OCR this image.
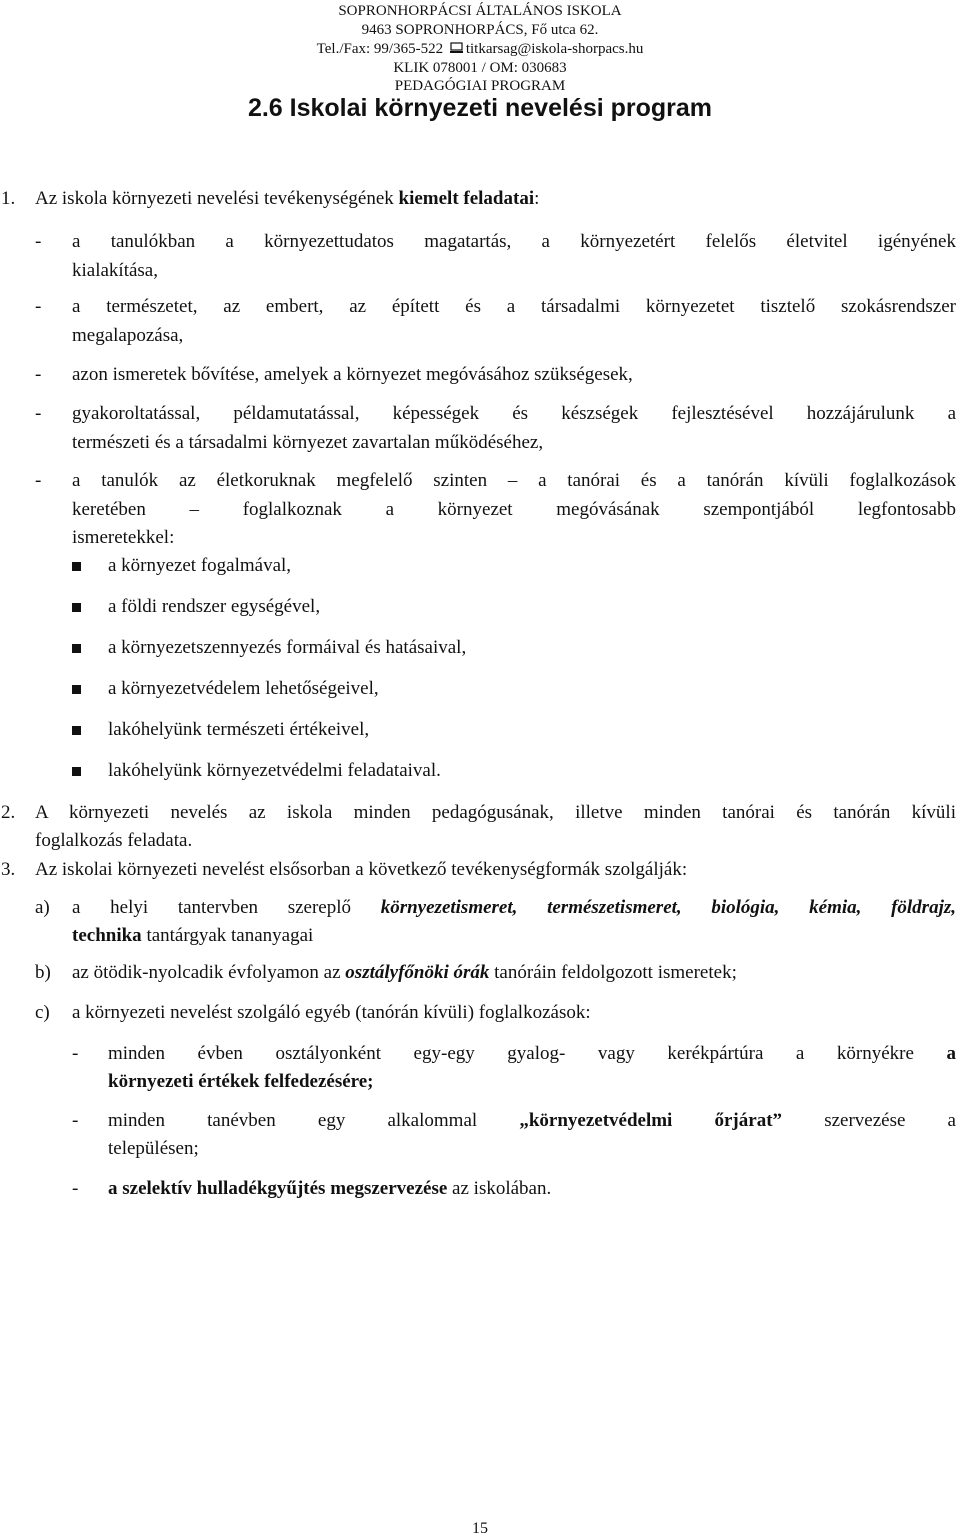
SOPRONHORPÁCSI ÁLTALÁNOS ISKOLA
9463 SOPRONHORPÁCS, Fő utca 62.
Tel./Fax: 99/365-522 titkarsag@iskola-shorpacs.hu
KLIK 078001 / OM: 030683
PEDAGÓGIAI PROGRAM
2.6 Iskolai környezeti nevelési program
1. Az iskola környezeti nevelési tevékenységének kiemelt feladatai:
- a tanulókban a környezettudatos magatartás, a környezetért felelős életvitel igényének
kialakítása,
- a természetet, az embert, az épített és a társadalmi környezetet tisztelő szokásrendszer
megalapozása,
- azon ismeretek bővítése, amelyek a környezet megóvásához szükségesek,
- gyakoroltatással, példamutatással, képességek és készségek fejlesztésével hozzájárulunk a
természeti és a társadalmi környezet zavartalan működéséhez,
- a tanulók az életkoruknak megfelelő szinten – a tanórai és a tanórán kívüli foglalkozások
keretében – foglalkoznak a környezet megóvásának szempontjából legfontosabb
ismeretekkel:
a környezet fogalmával,
a földi rendszer egységével,
a környezetszennyezés formáival és hatásaival,
a környezetvédelem lehetőségeivel,
lakóhelyünk természeti értékeivel,
lakóhelyünk környezetvédelmi feladataival.
2. A környezeti nevelés az iskola minden pedagógusának, illetve minden tanórai és tanórán kívüli
foglalkozás feladata.
3. Az iskolai környezeti nevelést elsősorban a következő tevékenységformák szolgálják:
a) a helyi tantervben szereplő környezetismeret, természetismeret, biológia, kémia, földrajz,
technika tantárgyak tananyagai
b) az ötödik-nyolcadik évfolyamon az osztályfőnöki órák tanóráin feldolgozott ismeretek;
c) a környezeti nevelést szolgáló egyéb (tanórán kívüli) foglalkozások:
- minden évben osztályonként egy-egy gyalog- vagy kerékpártúra a környékre a
környezeti értékek felfedezésére;
- minden tanévben egy alkalommal „környezetvédelmi őrjárat” szervezése a
településen;
- a szelektív hulladékgyűjtés megszervezése az iskolában.
15
